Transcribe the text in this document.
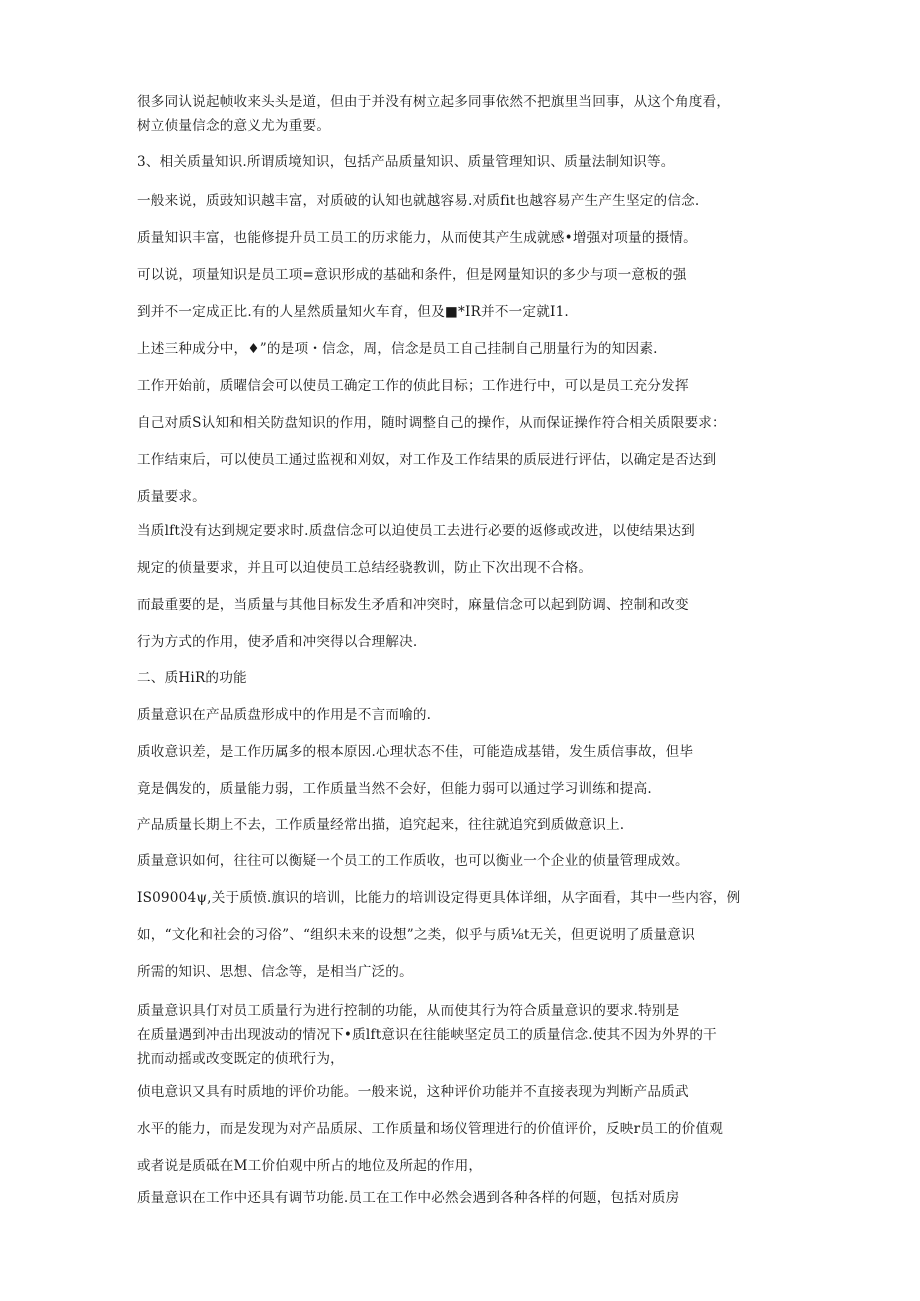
很多同认说起帧收来头头是道，但由于并没有树立起多同事依然不把旗里当回事，从这个角度看，
树立侦量信念的意义尤为重要。

3、相关质量知识.所谓质境知识，包括产品质量知识、质量管理知识、质量法制知识等。

一般来说，质豉知识越丰富，对质破的认知也就越容易.对质fit也越容易产生产生坚定的信念.
质量知识丰富，也能修提升员工员工的历求能力，从而使其产生成就感•增强对项量的摄情。

可以说，项量知识是员工项=意识形成的基础和条件，但是网量知识的多少与项一意板的强
到并不一定成正比.有的人星然质量知火车育，但及■*IR并不一定就I1.

上述三种成分中，♦”的是项・信念，周，信念是员工自己挂制自己朋量行为的知因素.

工作开始前，质曜信会可以使员工确定工作的侦此目标；工作进行中，可以是员工充分发挥
自己对质S认知和相关防盘知识的作用，随时调整自己的操作，从而保证操作符合相关质限要求：
工作结束后，可以使员工通过监视和刈奴，对工作及工作结果的质辰进行评估，以确定是否达到
质量要求。

当质lft没有达到规定要求时.质盘信念可以迫使员工去进行必要的返修或改进，以使结果达到
规定的侦量要求，并且可以迫使员工总结经骁教训，防止下次出现不合格。

而最重要的是，当质量与其他目标发生矛盾和冲突时，麻量信念可以起到防调、控制和改变
行为方式的作用，使矛盾和冲突得以合理解决.

二、质HiR的功能

质量意识在产品质盘形成中的作用是不言而喻的.

质收意识差，是工作历属多的根本原因.心理状态不佳，可能造成基错，发生质信事故，但毕
竟是偶发的，质量能力弱，工作质量当然不会好，但能力弱可以通过学习训练和提高.

产品质量长期上不去，工作质量经常出描，追究起来，往往就追究到质做意识上.

质量意识如何，往往可以衡疑一个员工的工作质收，也可以衡业一个企业的侦量管理成效。
IS09004ψ,关于质愤.旗识的培训，比能力的培训设定得更具体详细，从字面看，其中一些内容，例
如，“文化和社会的习俗”、“组织未来的设想”之类，似乎与质⅛t无关，但更说明了质量意识
所需的知识、思想、信念等，是相当广泛的。

质量意识具仃对员工质量行为进行控制的功能，从而使其行为符合质量意识的要求.特别是
在质量遇到冲击出现波动的情况下•质lft意识在往能峡坚定员工的质量信念.使其不因为外界的干
扰而动摇或改变既定的侦玳行为，

侦电意识又具有时质地的评价功能。一般来说，这种评价功能并不直接表现为判断产品质武
水平的能力，而是发现为对产品质尿、工作质量和场仪管理进行的价值评价，反映r员工的价值观
或者说是质砥在M工价伯观中所占的地位及所起的作用，

质量意识在工作中还具有调节功能.员工在工作中必然会遇到各种各样的何题，包括对质房
